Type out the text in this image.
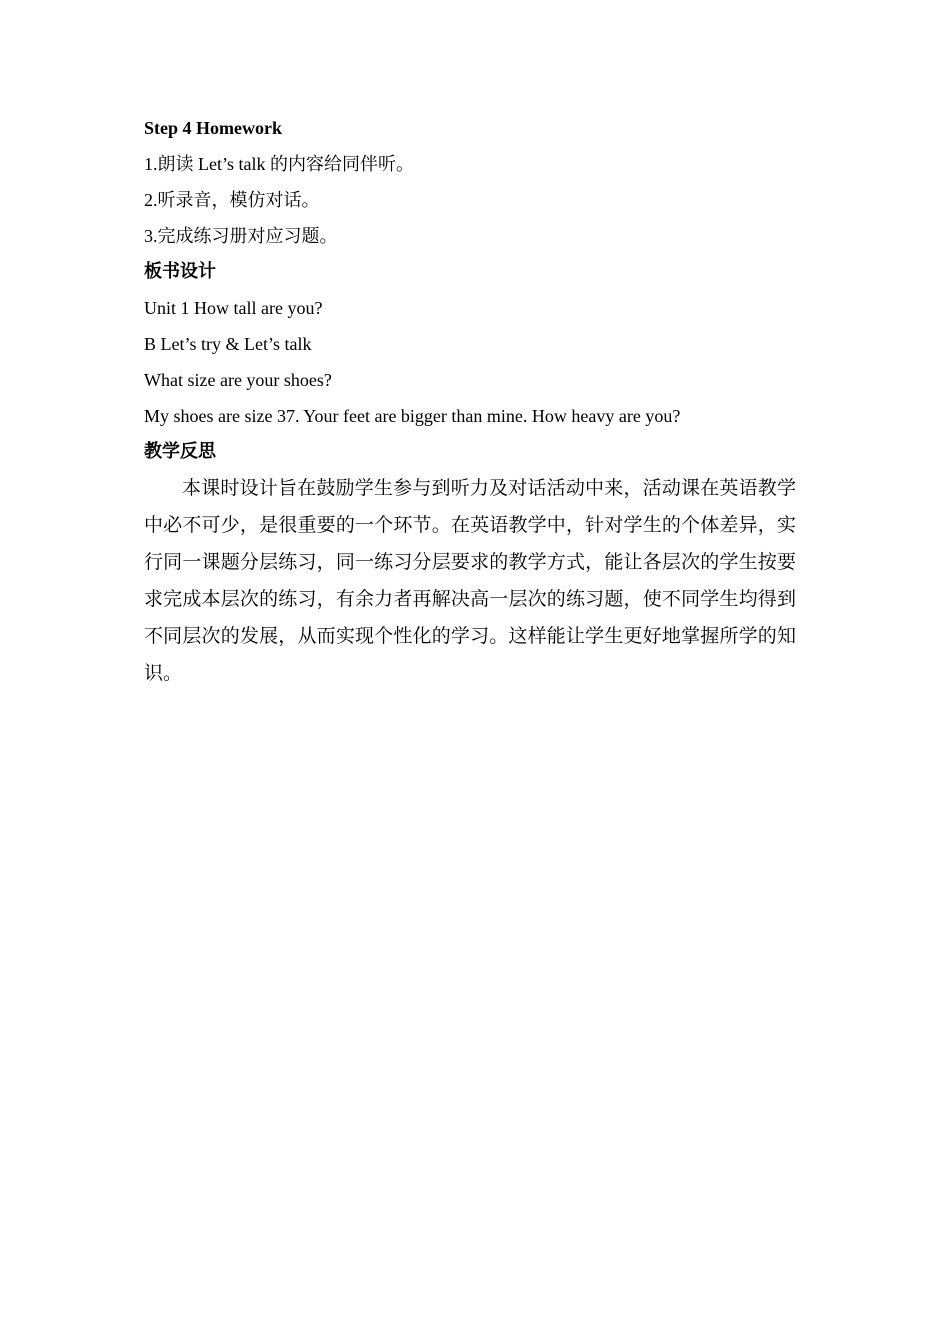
Step 4 Homework
1.朗读 Let’s talk 的内容给同伴听。
2.听录音，模仿对话。
3.完成练习册对应习题。
板书设计
Unit 1 How tall are you?
B Let’s try & Let’s talk
What size are your shoes?
My shoes are size 37. Your feet are bigger than mine. How heavy are you?
教学反思
本课时设计旨在鼓励学生参与到听力及对话活动中来，活动课在英语教学中必不可少，是很重要的一个环节。在英语教学中，针对学生的个体差异，实行同一课题分层练习，同一练习分层要求的教学方式，能让各层次的学生按要求完成本层次的练习，有余力者再解决高一层次的练习题，使不同学生均得到不同层次的发展，从而实现个性化的学习。这样能让学生更好地掌握所学的知识。
